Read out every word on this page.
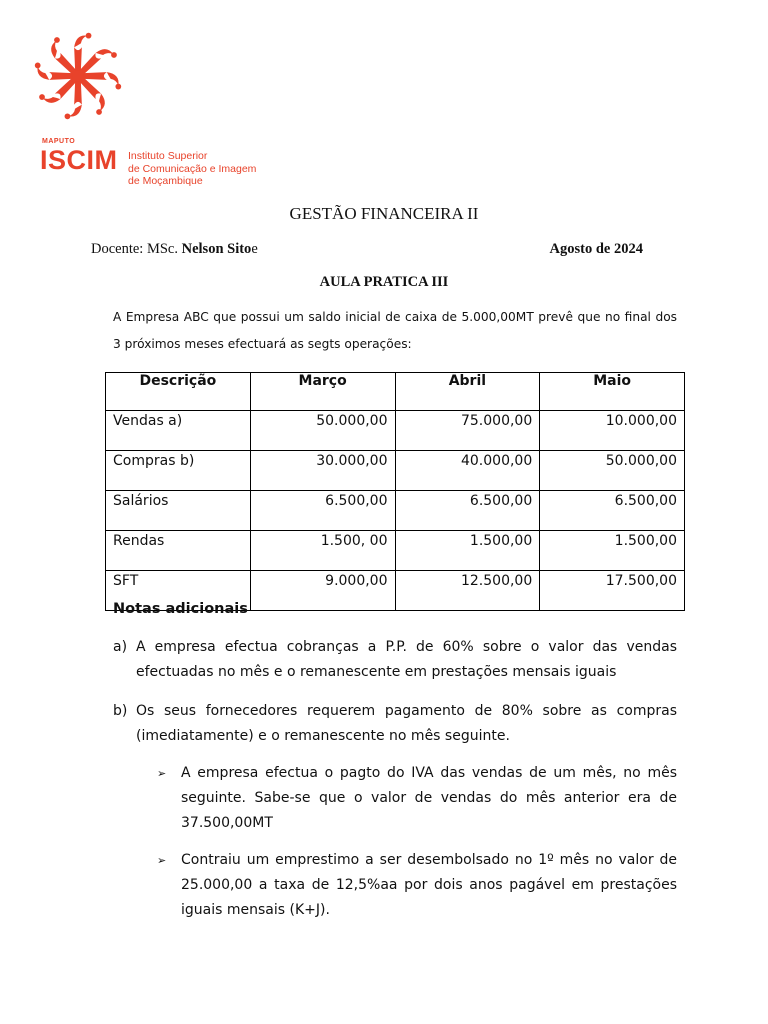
MAPUTO
ISCIM Instituto Superior
de Comunicação e Imagem
de Moçambique
GESTÃO FINANCEIRA II
Docente: MSc. Nelson Sitoe	Agosto de 2024
AULA PRATICA III
A Empresa ABC que possui um saldo inicial de caixa de 5.000,00MT prevê que no final dos 3 próximos meses efectuará as segts operações:
Descrição	Março	Abril	Maio
Vendas a)	50.000,00	75.000,00	10.000,00
Compras b)	30.000,00	40.000,00	50.000,00
Salários	6.500,00	6.500,00	6.500,00
Rendas	1.500, 00	1.500,00	1.500,00
SFT	9.000,00	12.500,00	17.500,00
Notas adicionais
a) A empresa efectua cobranças a P.P. de 60% sobre o valor das vendas efectuadas no mês e o remanescente em prestações mensais iguais
b) Os seus fornecedores requerem pagamento de 80% sobre as compras (imediatamente) e o remanescente no mês seguinte.
➢ A empresa efectua o pagto do IVA das vendas de um mês, no mês seguinte. Sabe-se que o valor de vendas do mês anterior era de 37.500,00MT
➢ Contraiu um emprestimo a ser desembolsado no 1º mês no valor de 25.000,00 a taxa de 12,5%aa por dois anos pagável em prestações iguais mensais (K+J).
